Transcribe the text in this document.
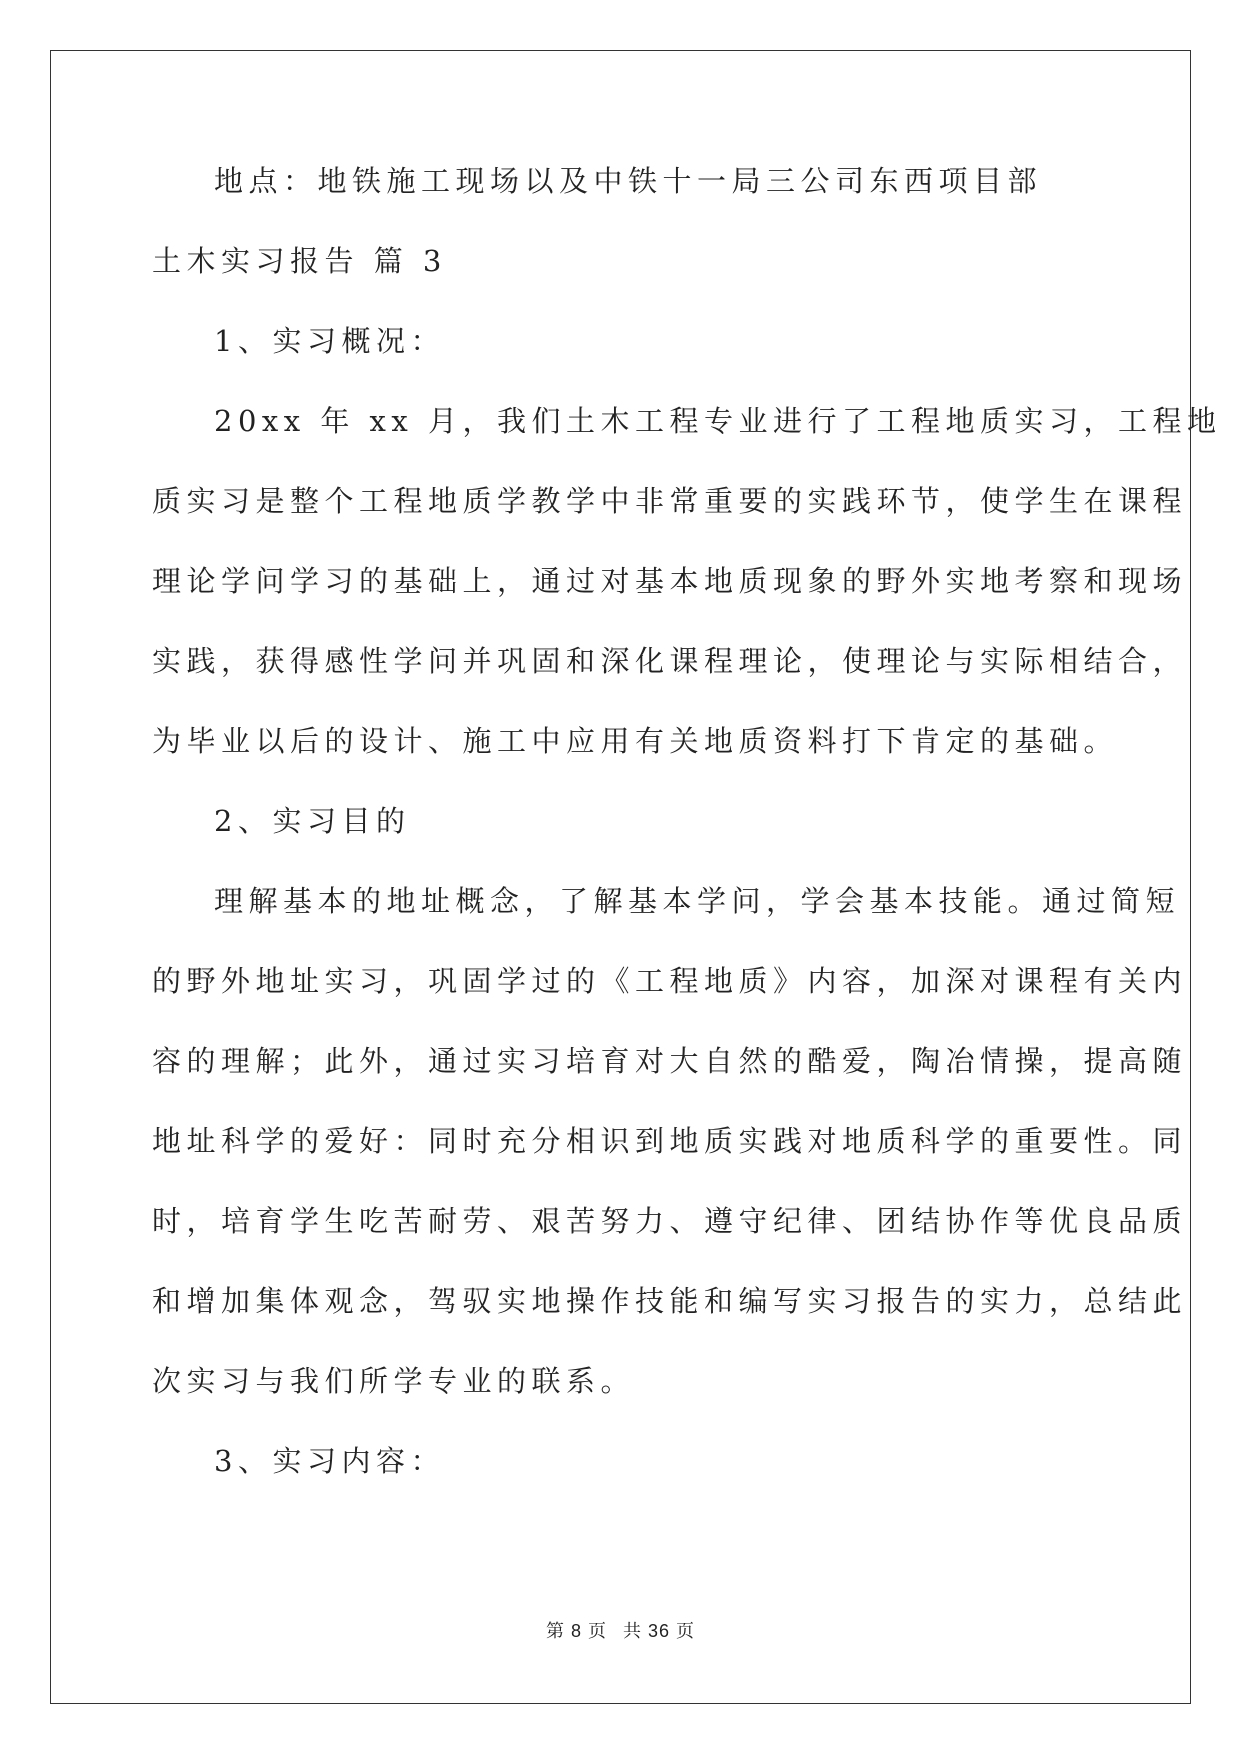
地点：地铁施工现场以及中铁十一局三公司东西项目部
土木实习报告 篇 3
1、实习概况：
20xx 年 xx 月，我们土木工程专业进行了工程地质实习，工程地
质实习是整个工程地质学教学中非常重要的实践环节，使学生在课程
理论学问学习的基础上，通过对基本地质现象的野外实地考察和现场
实践，获得感性学问并巩固和深化课程理论，使理论与实际相结合，
为毕业以后的设计、施工中应用有关地质资料打下肯定的基础。
2、实习目的
理解基本的地址概念，了解基本学问，学会基本技能。通过简短
的野外地址实习，巩固学过的《工程地质》内容，加深对课程有关内
容的理解；此外，通过实习培育对大自然的酷爱，陶冶情操，提高随
地址科学的爱好：同时充分相识到地质实践对地质科学的重要性。同
时，培育学生吃苦耐劳、艰苦努力、遵守纪律、团结协作等优良品质
和增加集体观念，驾驭实地操作技能和编写实习报告的实力，总结此
次实习与我们所学专业的联系。
3、实习内容：
第 8 页 共 36 页
